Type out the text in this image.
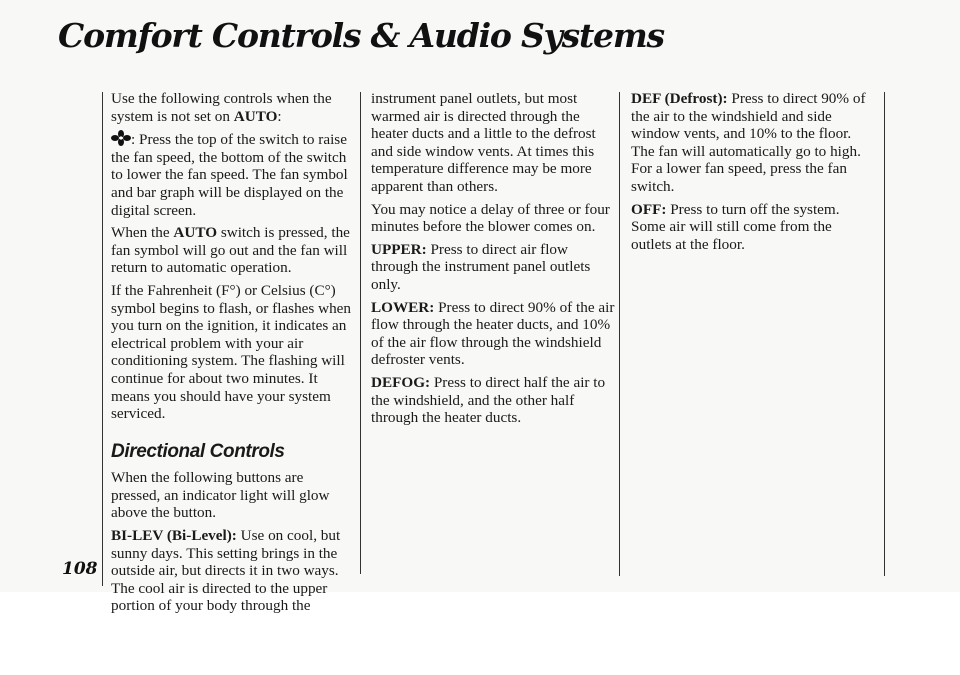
Comfort Controls & Audio Systems
108

Use the following controls when the system is not set on AUTO:

: Press the top of the switch to raise the fan speed, the bottom of the switch to lower the fan speed. The fan symbol and bar graph will be displayed on the digital screen.

When the AUTO switch is pressed, the fan symbol will go out and the fan will return to automatic operation.

If the Fahrenheit (F°) or Celsius (C°) symbol begins to flash, or flashes when you turn on the ignition, it indicates an electrical problem with your air conditioning system. The flashing will continue for about two minutes. It means you should have your system serviced.

Directional Controls

When the following buttons are pressed, an indicator light will glow above the button.

BI-LEV (Bi-Level): Use on cool, but sunny days. This setting brings in the outside air, but directs it in two ways. The cool air is directed to the upper portion of your body through the

instrument panel outlets, but most warmed air is directed through the heater ducts and a little to the defrost and side window vents. At times this temperature difference may be more apparent than others.

You may notice a delay of three or four minutes before the blower comes on.

UPPER: Press to direct air flow through the instrument panel outlets only.

LOWER: Press to direct 90% of the air flow through the heater ducts, and 10% of the air flow through the windshield defroster vents.

DEFOG: Press to direct half the air to the windshield, and the other half through the heater ducts.

DEF (Defrost): Press to direct 90% of the air to the windshield and side window vents, and 10% to the floor. The fan will automatically go to high. For a lower fan speed, press the fan switch.

OFF: Press to turn off the system. Some air will still come from the outlets at the floor.
